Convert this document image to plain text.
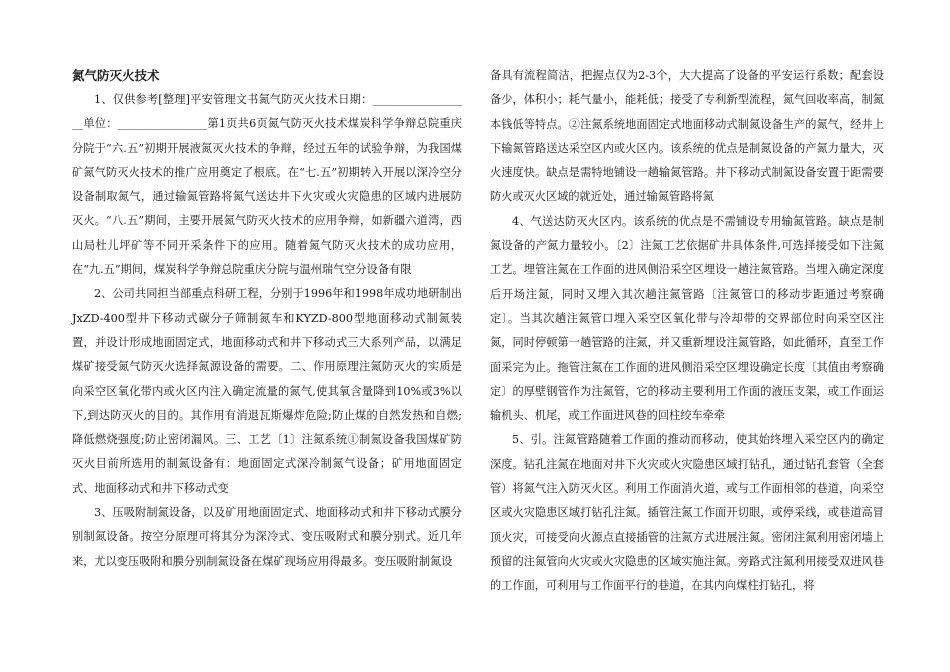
氮气防灭火技术

1、仅供参考[整理]平安管理文书氮气防灭火技术日期：________________ __单位：________________第1页共6页氮气防灭火技术煤炭科学争辩总院重庆分院于“六.五”初期开展液氮灭火技术的争辩，经过五年的试验争辩，为我国煤矿氮气防灭火技术的推广应用奠定了根底。在“七.五”初期转入开展以深冷空分设备制取氮气，通过输氮管路将氮气送达井下火灾或火灾隐患的区域内进展防灭火。“八.五”期间，主要开展氮气防灭火技术的应用争辩，如新疆六道湾，西山局杜儿坪矿等不同开采条件下的应用。随着氮气防灭火技术的成功应用，在“九.五”期间，煤炭科学争辩总院重庆分院与温州瑞气空分设备有限

2、公司共同担当部重点科研工程，分别于1996年和1998年成功地研制出JxZD-400型井下移动式碳分子筛制氮车和KYZD-800型地面移动式制氮装置，并设计形成地面固定式，地面移动式和井下移动式三大系列产品，以满足煤矿接受氮气防灭火选择氮源设备的需要。二、作用原理注氮防灭火的实质是向采空区氧化带内或火区内注入确定流量的氮气,使其氧含量降到10%或3%以下,到达防灭火的目的。其作用有消退瓦斯爆炸危险;防止煤的自然发热和自燃;降低燃烧强度;防止密闭漏风。三、工艺〔1〕注氮系统①制氮设备我国煤矿防灭火目前所选用的制氮设备有：地面固定式深冷制氮气设备；矿用地面固定式、地面移动式和井下移动式变

3、压吸附制氮设备，以及矿用地面固定式、地面移动式和井下移动式膜分别制氮设备。按空分原理可将其分为深冷式、变压吸附式和膜分别式。近几年来，尤以变压吸附和膜分别制氮设备在煤矿现场应用得最多。变压吸附制氮设

备具有流程简洁，把握点仅为2-3个，大大提高了设备的平安运行系数；配套设备少，体积小；耗气量小，能耗低；接受了专利新型流程，氮气回收率高，制氮本钱低等特点。②注氮系统地面固定式地面移动式制氮设备生产的氮气，经井上下输氮管路送达采空区内或火区内。该系统的优点是制氮设备的产氮力量大，灭火速度快。缺点是需特地铺设一趟输氮管路。井下移动式制氮设备安置于距需要防火或灭火区域的就近处，通过输氮管路将氮

4、气送达防灭火区内。该系统的优点是不需铺设专用输氮管路。缺点是制氮设备的产氮力量较小。〔2〕注氮工艺依据矿井具体条件,可选择接受如下注氮工艺。埋管注氮在工作面的进风侧沿采空区埋设一趟注氮管路。当埋入确定深度后开场注氮，同时又埋入其次趟注氮管路〔注氮管口的移动步距通过考察确定〕。当其次趟注氮管口埋入采空区氧化带与冷却带的交界部位时向采空区注氮，同时停顿第一趟管路的注氮，并又重新埋设注氮管路，如此循环，直至工作面采完为止。拖管注氮在工作面的进风侧沿采空区埋设确定长度〔其值由考察确定〕的厚壁钢管作为注氮管，它的移动主要利用工作面的液压支架，或工作面运输机头、机尾，或工作面进风巷的回柱绞车牵牵

5、引。注氮管路随着工作面的推动而移动，使其始终埋入采空区内的确定深度。钻孔注氮在地面对井下火灾或火灾隐患区域打钻孔，通过钻孔套管（全套管）将氮气注入防灭火区。利用工作面消火道，或与工作面相邻的巷道，向采空区或火灾隐患区域打钻孔注氮。插管注氮工作面开切眼，或停采线，或巷道高冒顶火灾，可接受向火源点直接插管的注氮方式进展注氮。密闭注氮利用密闭墙上预留的注氮管向火灾或火灾隐患的区域实施注氮。旁路式注氮利用接受双进风巷的工作面，可利用与工作面平行的巷道，在其内向煤柱打钻孔，将
